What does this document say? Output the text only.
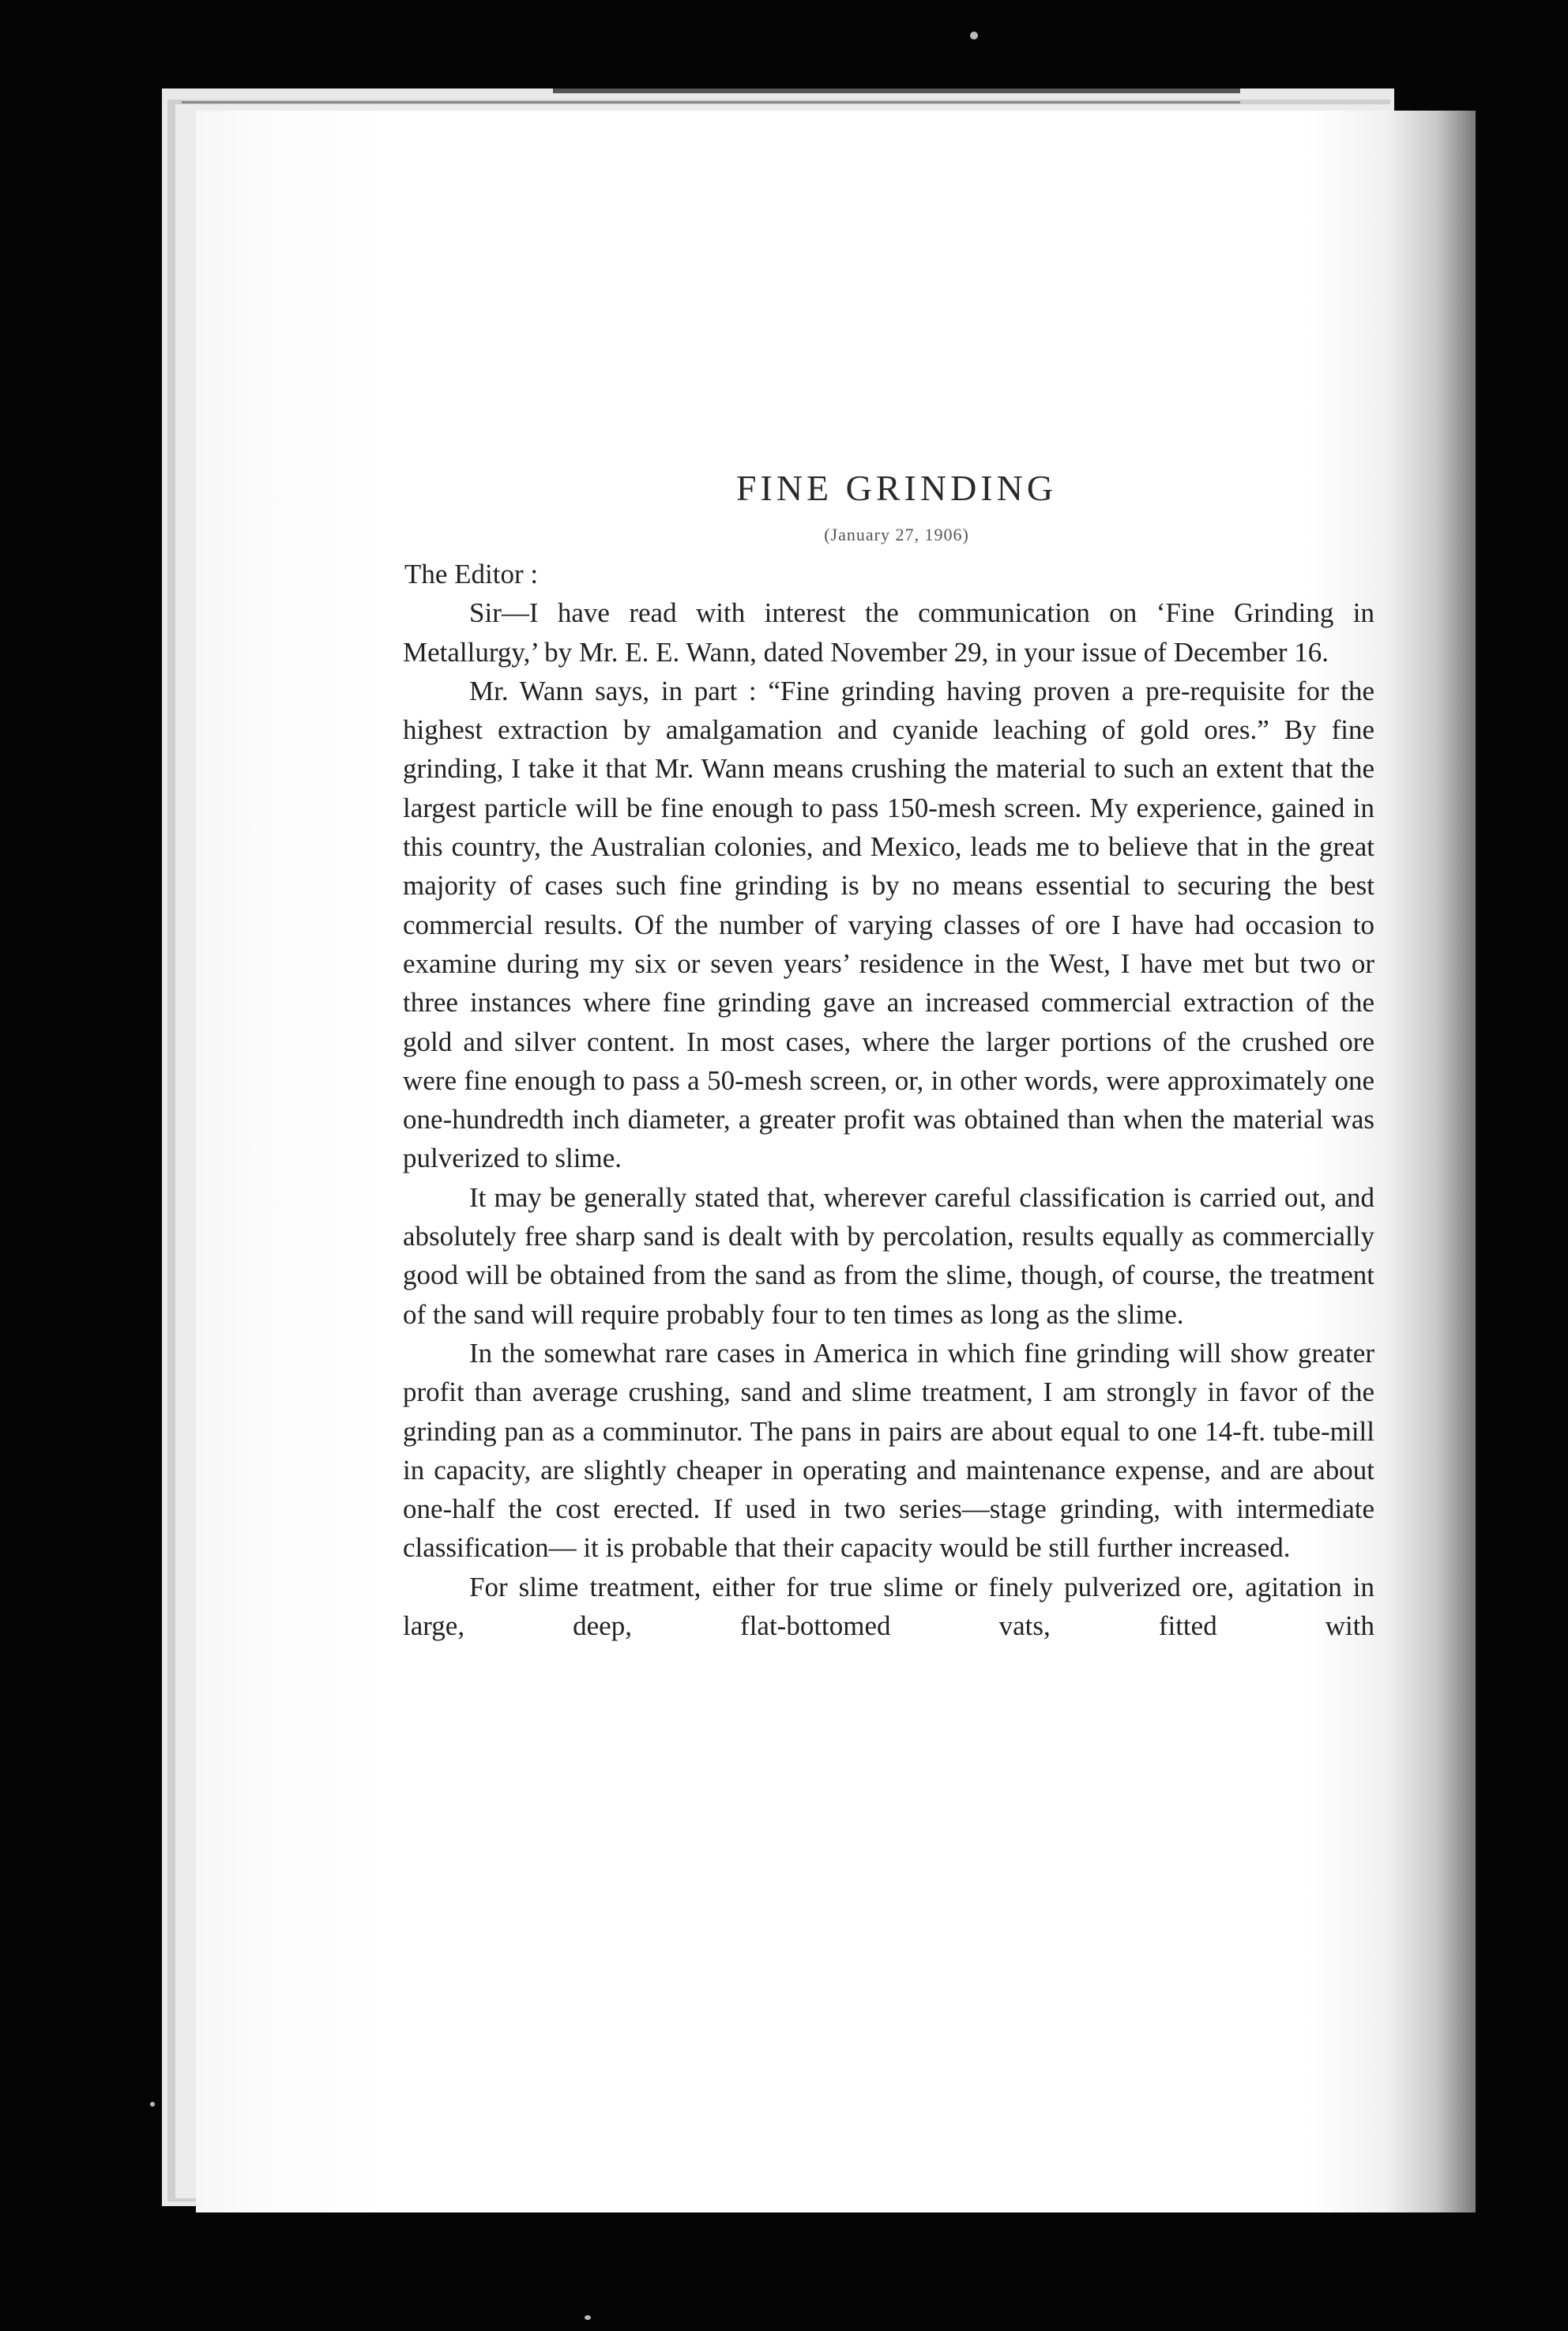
FINE GRINDING
(January 27, 1906)

The Editor :

Sir—I have read with interest the communication on ‘Fine Grinding in Metallurgy,’ by Mr. E. E. Wann, dated November 29, in your issue of December 16.

Mr. Wann says, in part : “Fine grinding having proven a pre-requisite for the highest extraction by amalgamation and cyanide leaching of gold ores.” By fine grinding, I take it that Mr. Wann means crushing the material to such an extent that the largest particle will be fine enough to pass 150-mesh screen. My experience, gained in this country, the Australian colonies, and Mexico, leads me to believe that in the great majority of cases such fine grinding is by no means essential to securing the best commercial results. Of the number of varying classes of ore I have had occasion to examine during my six or seven years’ residence in the West, I have met but two or three instances where fine grinding gave an increased commercial extraction of the gold and silver content. In most cases, where the larger portions of the crushed ore were fine enough to pass a 50-mesh screen, or, in other words, were approximately one one-hundredth inch diameter, a greater profit was obtained than when the material was pulverized to slime.

It may be generally stated that, wherever careful classification is carried out, and absolutely free sharp sand is dealt with by percolation, results equally as commercially good will be obtained from the sand as from the slime, though, of course, the treatment of the sand will require probably four to ten times as long as the slime.

In the somewhat rare cases in America in which fine grinding will show greater profit than average crushing, sand and slime treatment, I am strongly in favor of the grinding pan as a comminutor. The pans in pairs are about equal to one 14-ft. tube-mill in capacity, are slightly cheaper in operating and maintenance expense, and are about one-half the cost erected. If used in two series—stage grinding, with intermediate classification— it is probable that their capacity would be still further increased.

For slime treatment, either for true slime or finely pulverized ore, agitation in large, deep, flat-bottomed vats, fitted with
